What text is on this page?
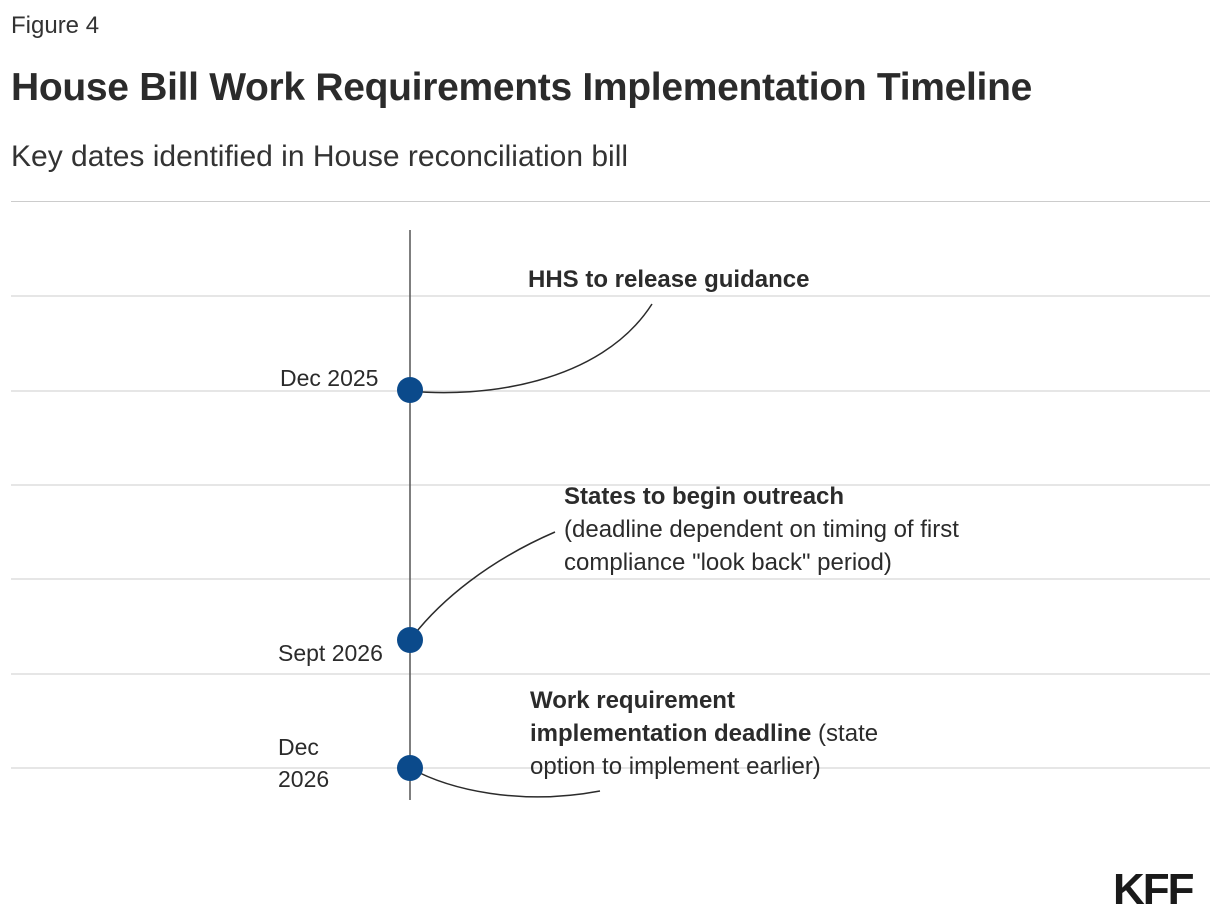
Figure 4
House Bill Work Requirements Implementation Timeline
Key dates identified in House reconciliation bill
Dec 2025
Sept 2026
Dec
2026
HHS to release guidance
States to begin outreach
(deadline dependent on timing of first compliance "look back" period)
Work requirement
implementation deadline (state option to implement earlier)
KFF
